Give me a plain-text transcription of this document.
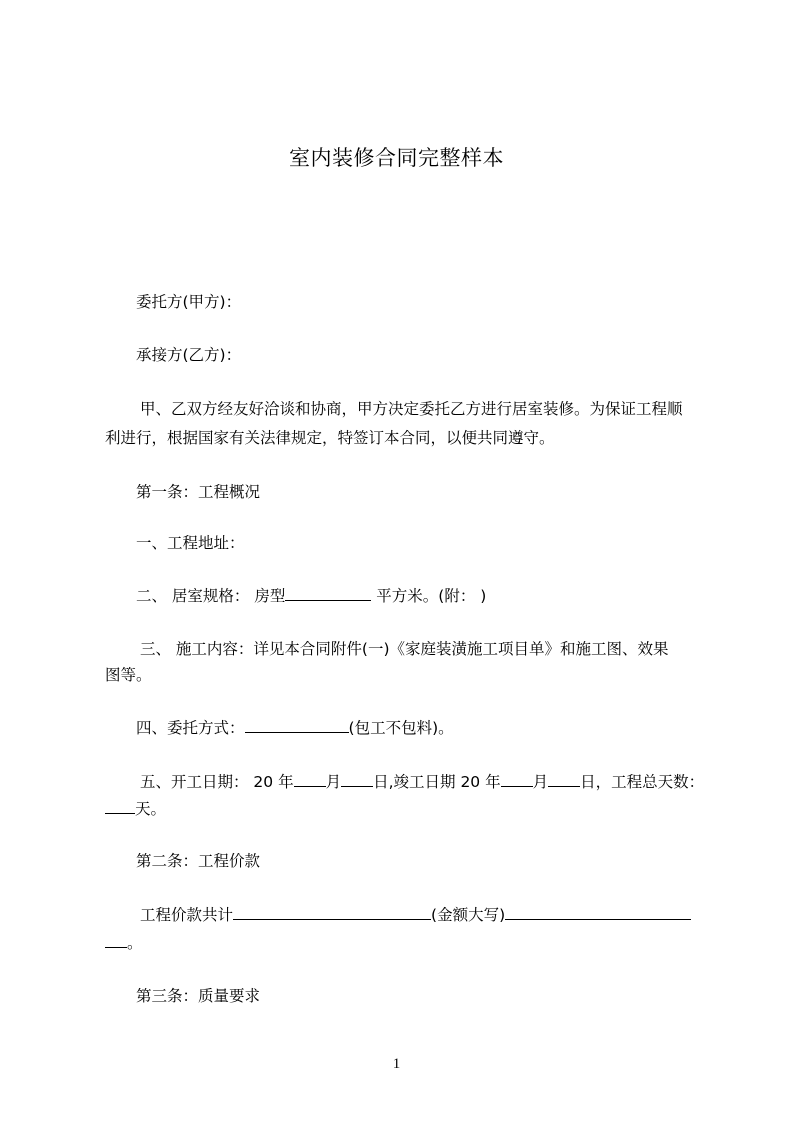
室内装修合同完整样本
委托方(甲方)：
承接方(乙方)：
甲、乙双方经友好洽谈和协商，甲方决定委托乙方进行居室装修。为保证工程顺
利进行，根据国家有关法律规定，特签订本合同，以便共同遵守。
第一条：工程概况
一、工程地址：
二、 居室规格： 房型	平方米。(附： )
三、 施工内容：详见本合同附件(一)《家庭装潢施工项目单》和施工图、效果
图等。
四、委托方式：	(包工不包料)。
五、开工日期： 20 年 月 日,竣工日期 20 年 月 日，工程总天数：
天。
第二条：工程价款
工程价款共计	(金额大写)
。
第三条：质量要求
1
